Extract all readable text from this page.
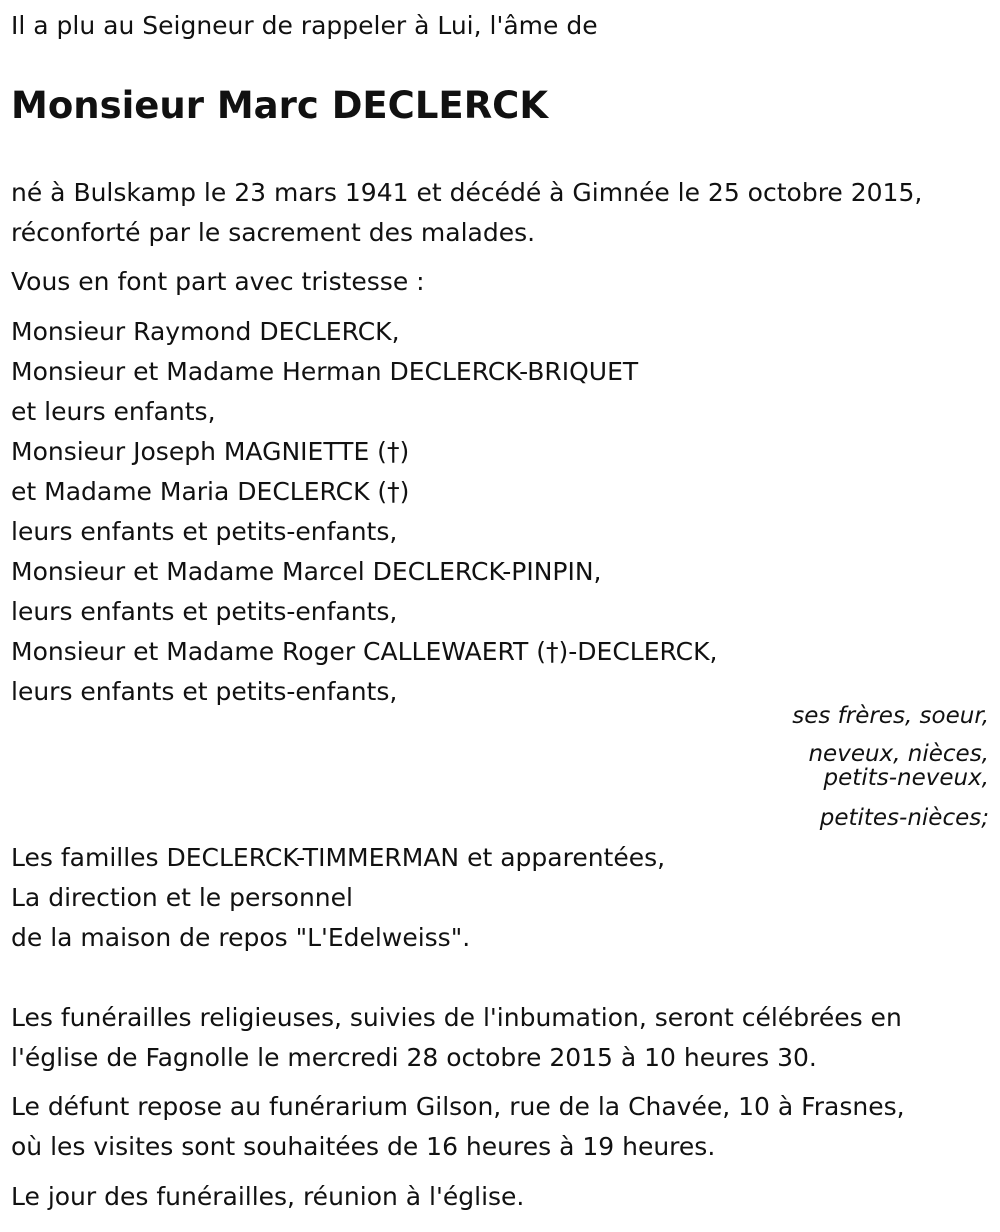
Il a plu au Seigneur de rappeler à Lui, l'âme de
Monsieur Marc DECLERCK
né à Bulskamp le 23 mars 1941 et décédé à Gimnée le 25 octobre 2015,
réconforté par le sacrement des malades.
Vous en font part avec tristesse :
Monsieur Raymond DECLERCK,
Monsieur et Madame Herman DECLERCK-BRIQUET
et leurs enfants,
Monsieur Joseph MAGNIETTE (†)
et Madame Maria DECLERCK (†)
leurs enfants et petits-enfants,
Monsieur et Madame Marcel DECLERCK-PINPIN,
leurs enfants et petits-enfants,
Monsieur et Madame Roger CALLEWAERT (†)-DECLERCK,
leurs enfants et petits-enfants,
ses frères, soeur,
neveux, nièces,
petits-neveux,
petites-nièces;
Les familles DECLERCK-TIMMERMAN et apparentées,
La direction et le personnel
de la maison de repos "L'Edelweiss".
Les funérailles religieuses, suivies de l'inbumation, seront célébrées en
l'église de Fagnolle le mercredi 28 octobre 2015 à 10 heures 30.
Le défunt repose au funérarium Gilson, rue de la Chavée, 10 à Frasnes,
où les visites sont souhaitées de 16 heures à 19 heures.
Le jour des funérailles, réunion à l'église.
